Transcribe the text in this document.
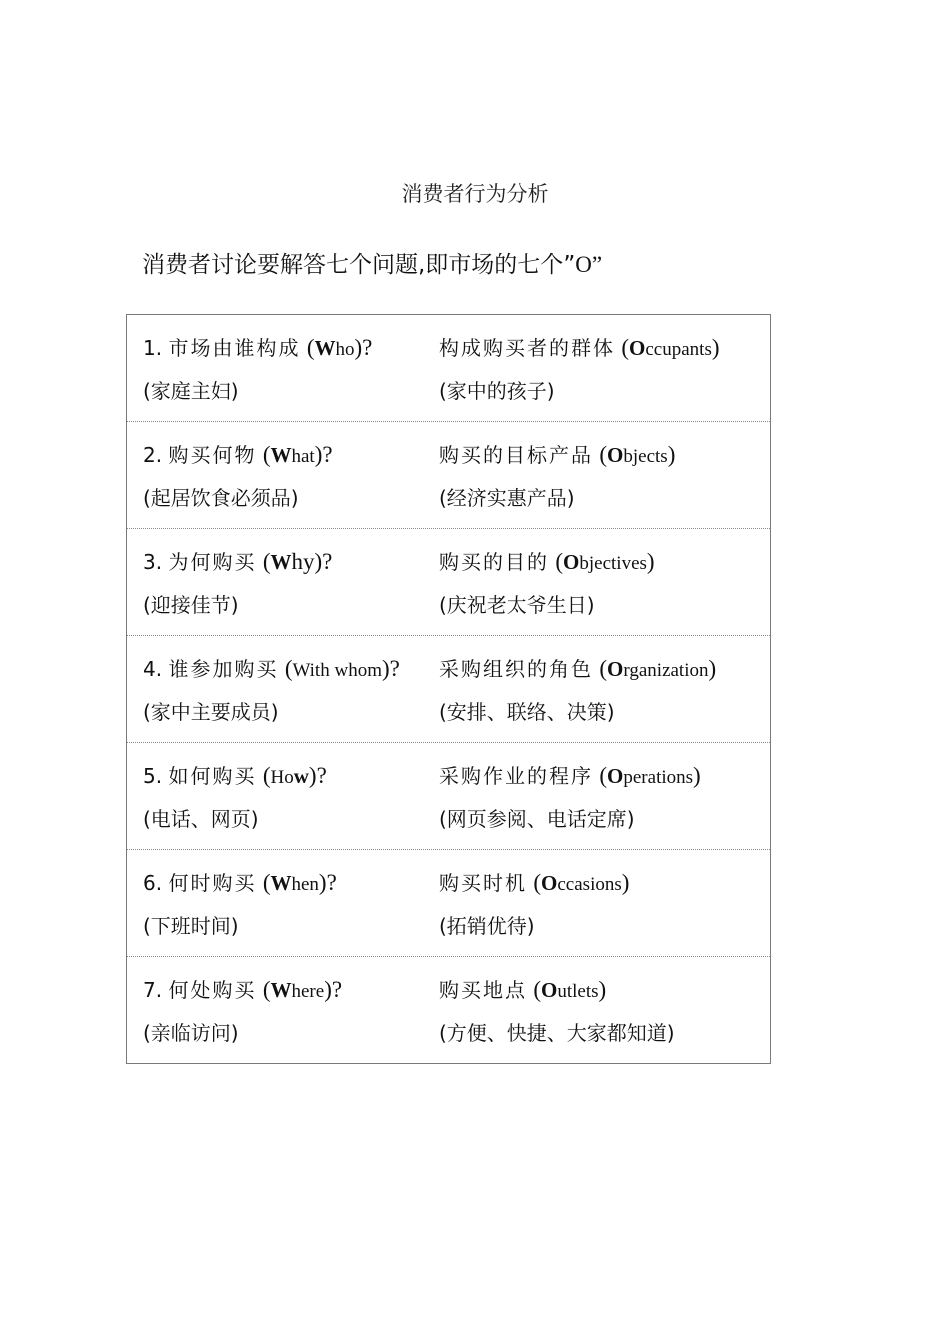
消费者行为分析
消费者讨论要解答七个问题,即市场的七个”O”
1. 市场由谁构成 (Who)?
(家庭主妇)
构成购买者的群体 (Occupants)
(家中的孩子)
2. 购买何物 (What)?
(起居饮食必须品)
购买的目标产品 (Objects)
(经济实惠产品)
3. 为何购买 (Why)?
(迎接佳节)
购买的目的 (Objectives)
(庆祝老太爷生日)
4. 谁参加购买 (With whom)?
(家中主要成员)
采购组织的角色 (Organization)
(安排、联络、决策)
5. 如何购买 (How)?
(电话、网页)
采购作业的程序 (Operations)
(网页参阅、电话定席)
6. 何时购买 (When)?
(下班时间)
购买时机 (Occasions)
(拓销优待)
7. 何处购买 (Where)?
(亲临访问)
购买地点 (Outlets)
(方便、快捷、大家都知道)
